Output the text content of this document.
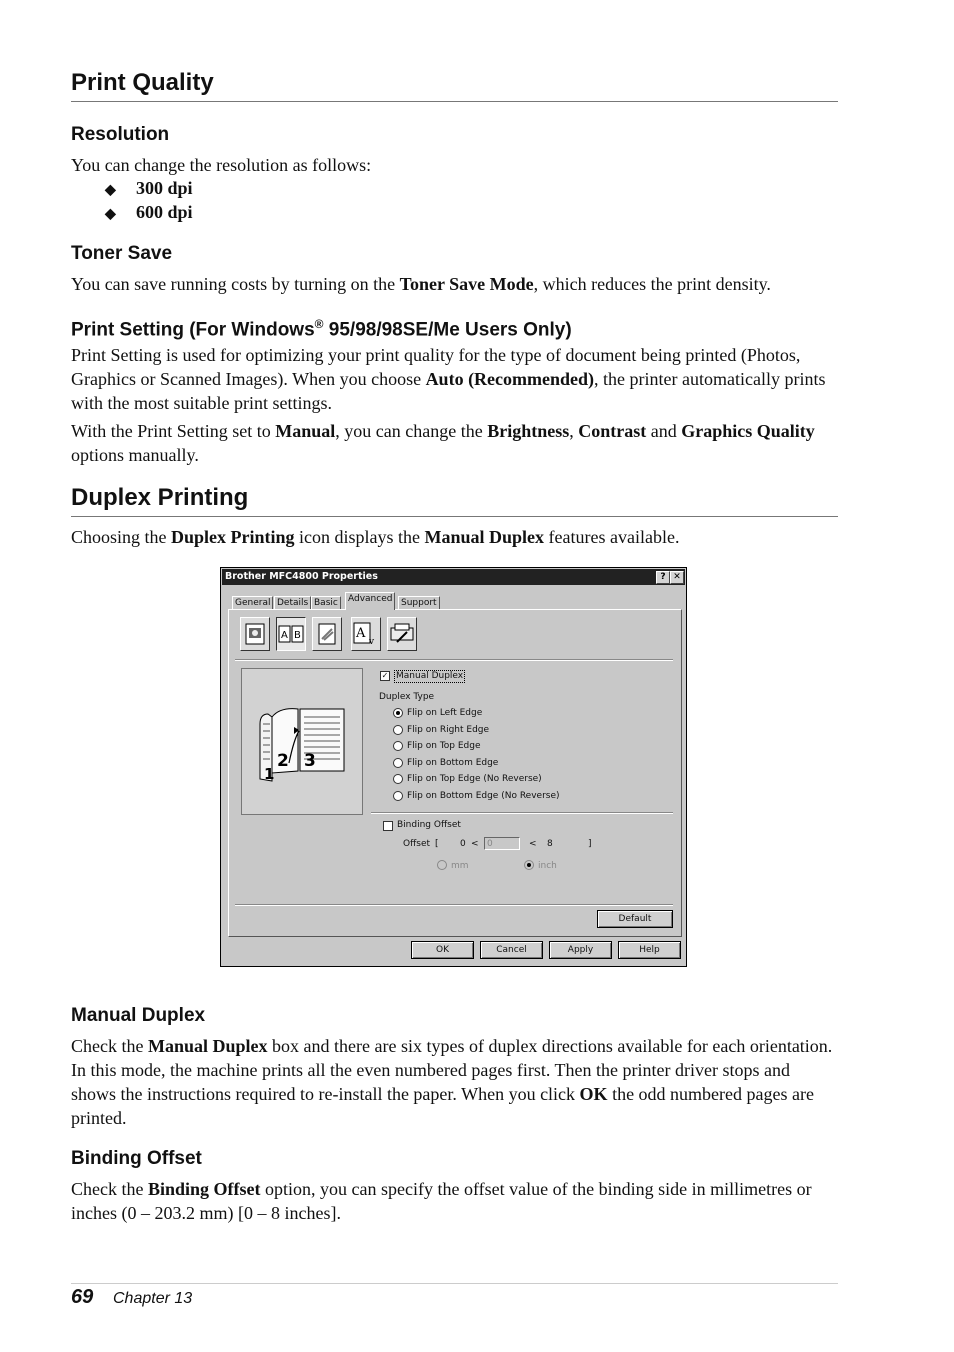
Print Quality
Resolution
You can change the resolution as follows:
◆ 300 dpi
◆ 600 dpi
Toner Save
You can save running costs by turning on the Toner Save Mode, which reduces the print density.
Print Setting (For Windows® 95/98/98SE/Me Users Only)
Print Setting is used for optimizing your print quality for the type of document being printed (Photos, Graphics or Scanned Images). When you choose Auto (Recommended), the printer automatically prints with the most suitable print settings.
With the Print Setting set to Manual, you can change the Brightness, Contrast and Graphics Quality options manually.
Duplex Printing
Choosing the Duplex Printing icon displays the Manual Duplex features available.
Brother MFC4800 Properties	? ✕
General Details Basic	Advanced Support
A B	A
v
1
2 3
✓ Manual Duplex
Duplex Type
Flip on Left Edge
Flip on Right Edge
Flip on Top Edge
Flip on Bottom Edge
Flip on Top Edge (No Reverse)
Flip on Bottom Edge (No Reverse)
Binding Offset
Offset [ 0 < 0	< 8	]
mm	inch
Default
OK	Cancel	Apply	Help
Manual Duplex
Check the Manual Duplex box and there are six types of duplex directions available for each orientation. In this mode, the machine prints all the even numbered pages first. Then the printer driver stops and shows the instructions required to re-install the paper. When you click OK the odd numbered pages are printed.
Binding Offset
Check the Binding Offset option, you can specify the offset value of the binding side in millimetres or inches (0 – 203.2 mm) [0 – 8 inches].
69 Chapter 13
